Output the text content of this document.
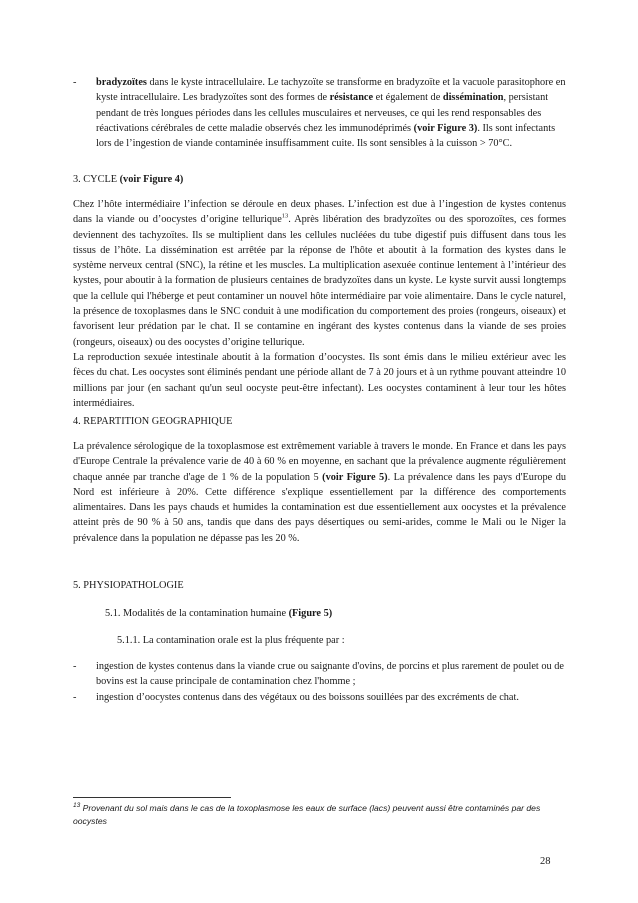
- bradyzoïtes dans le kyste intracellulaire. Le tachyzoïte se transforme en bradyzoïte et la vacuole parasitophore en kyste intracellulaire. Les bradyzoïtes sont des formes de résistance et également de dissémination, persistant pendant de très longues périodes dans les cellules musculaires et nerveuses, ce qui les rend responsables des réactivations cérébrales de cette maladie observés chez les immunodéprimés (voir Figure 3). Ils sont infectants lors de l’ingestion de viande contaminée insuffisamment cuite. Ils sont sensibles à la cuisson > 70°C.

3. CYCLE (voir Figure 4)

Chez l’hôte intermédiaire l’infection se déroule en deux phases. L’infection est due à l’ingestion de kystes contenus dans la viande ou d’oocystes d’origine tellurique$^{13}$. Après libération des bradyzoïtes ou des sporozoïtes, ces formes deviennent des tachyzoïtes. Ils se multiplient dans les cellules nucléées du tube digestif puis diffusent dans tous les tissus de l’hôte. La dissémination est arrêtée par la réponse de l'hôte et aboutit à la formation des kystes dans le système nerveux central (SNC), la rétine et les muscles. La multiplication asexuée continue lentement à l’intérieur des kystes, pour aboutir à la formation de plusieurs centaines de bradyzoïtes dans un kyste. Le kyste survit aussi longtemps que la cellule qui l'héberge et peut contaminer un nouvel hôte intermédiaire par voie alimentaire. Dans le cycle naturel, la présence de toxoplasmes dans le SNC conduit à une modification du comportement des proies (rongeurs, oiseaux) et favorisent leur prédation par le chat. Il se contamine en ingérant des kystes contenus dans la viande de ses proies (rongeurs, oiseaux) ou des oocystes d’origine tellurique.

La reproduction sexuée intestinale aboutit à la formation d’oocystes. Ils sont émis dans le milieu extérieur avec les fèces du chat. Les oocystes sont éliminés pendant une période allant de 7 à 20 jours et à un rythme pouvant atteindre 10 millions par jour (en sachant qu'un seul oocyste peut-être infectant). Les oocystes contaminent à leur tour les hôtes intermédiaires.

4. REPARTITION GEOGRAPHIQUE

La prévalence sérologique de la toxoplasmose est extrêmement variable à travers le monde. En France et dans les pays d'Europe Centrale la prévalence varie de 40 à 60 % en moyenne, en sachant que la prévalence augmente régulièrement chaque année par tranche d'age de 1 % de la population 5 (voir Figure 5). La prévalence dans les pays d'Europe du Nord est inférieure à 20%. Cette différence s'explique essentiellement par la différence des comportements alimentaires. Dans les pays chauds et humides la contamination est due essentiellement aux oocystes et la prévalence atteint près de 90 % à 50 ans, tandis que dans des pays désertiques ou semi-arides, comme le Mali ou le Niger la prévalence dans la population ne dépasse pas les 20 %.

5. PHYSIOPATHOLOGIE

5.1. Modalités de la contamination humaine (Figure 5)

5.1.1. La contamination orale est la plus fréquente par :

- ingestion de kystes contenus dans la viande crue ou saignante d'ovins, de porcins et plus rarement de poulet ou de bovins est la cause principale de contamination chez l'homme ;

- ingestion d’oocystes contenus dans des végétaux ou des boissons souillées par des excréments de chat.

$^{13}$ Provenant du sol mais dans le cas de la toxoplasmose les eaux de surface (lacs) peuvent aussi être contaminés par des oocystes

28
